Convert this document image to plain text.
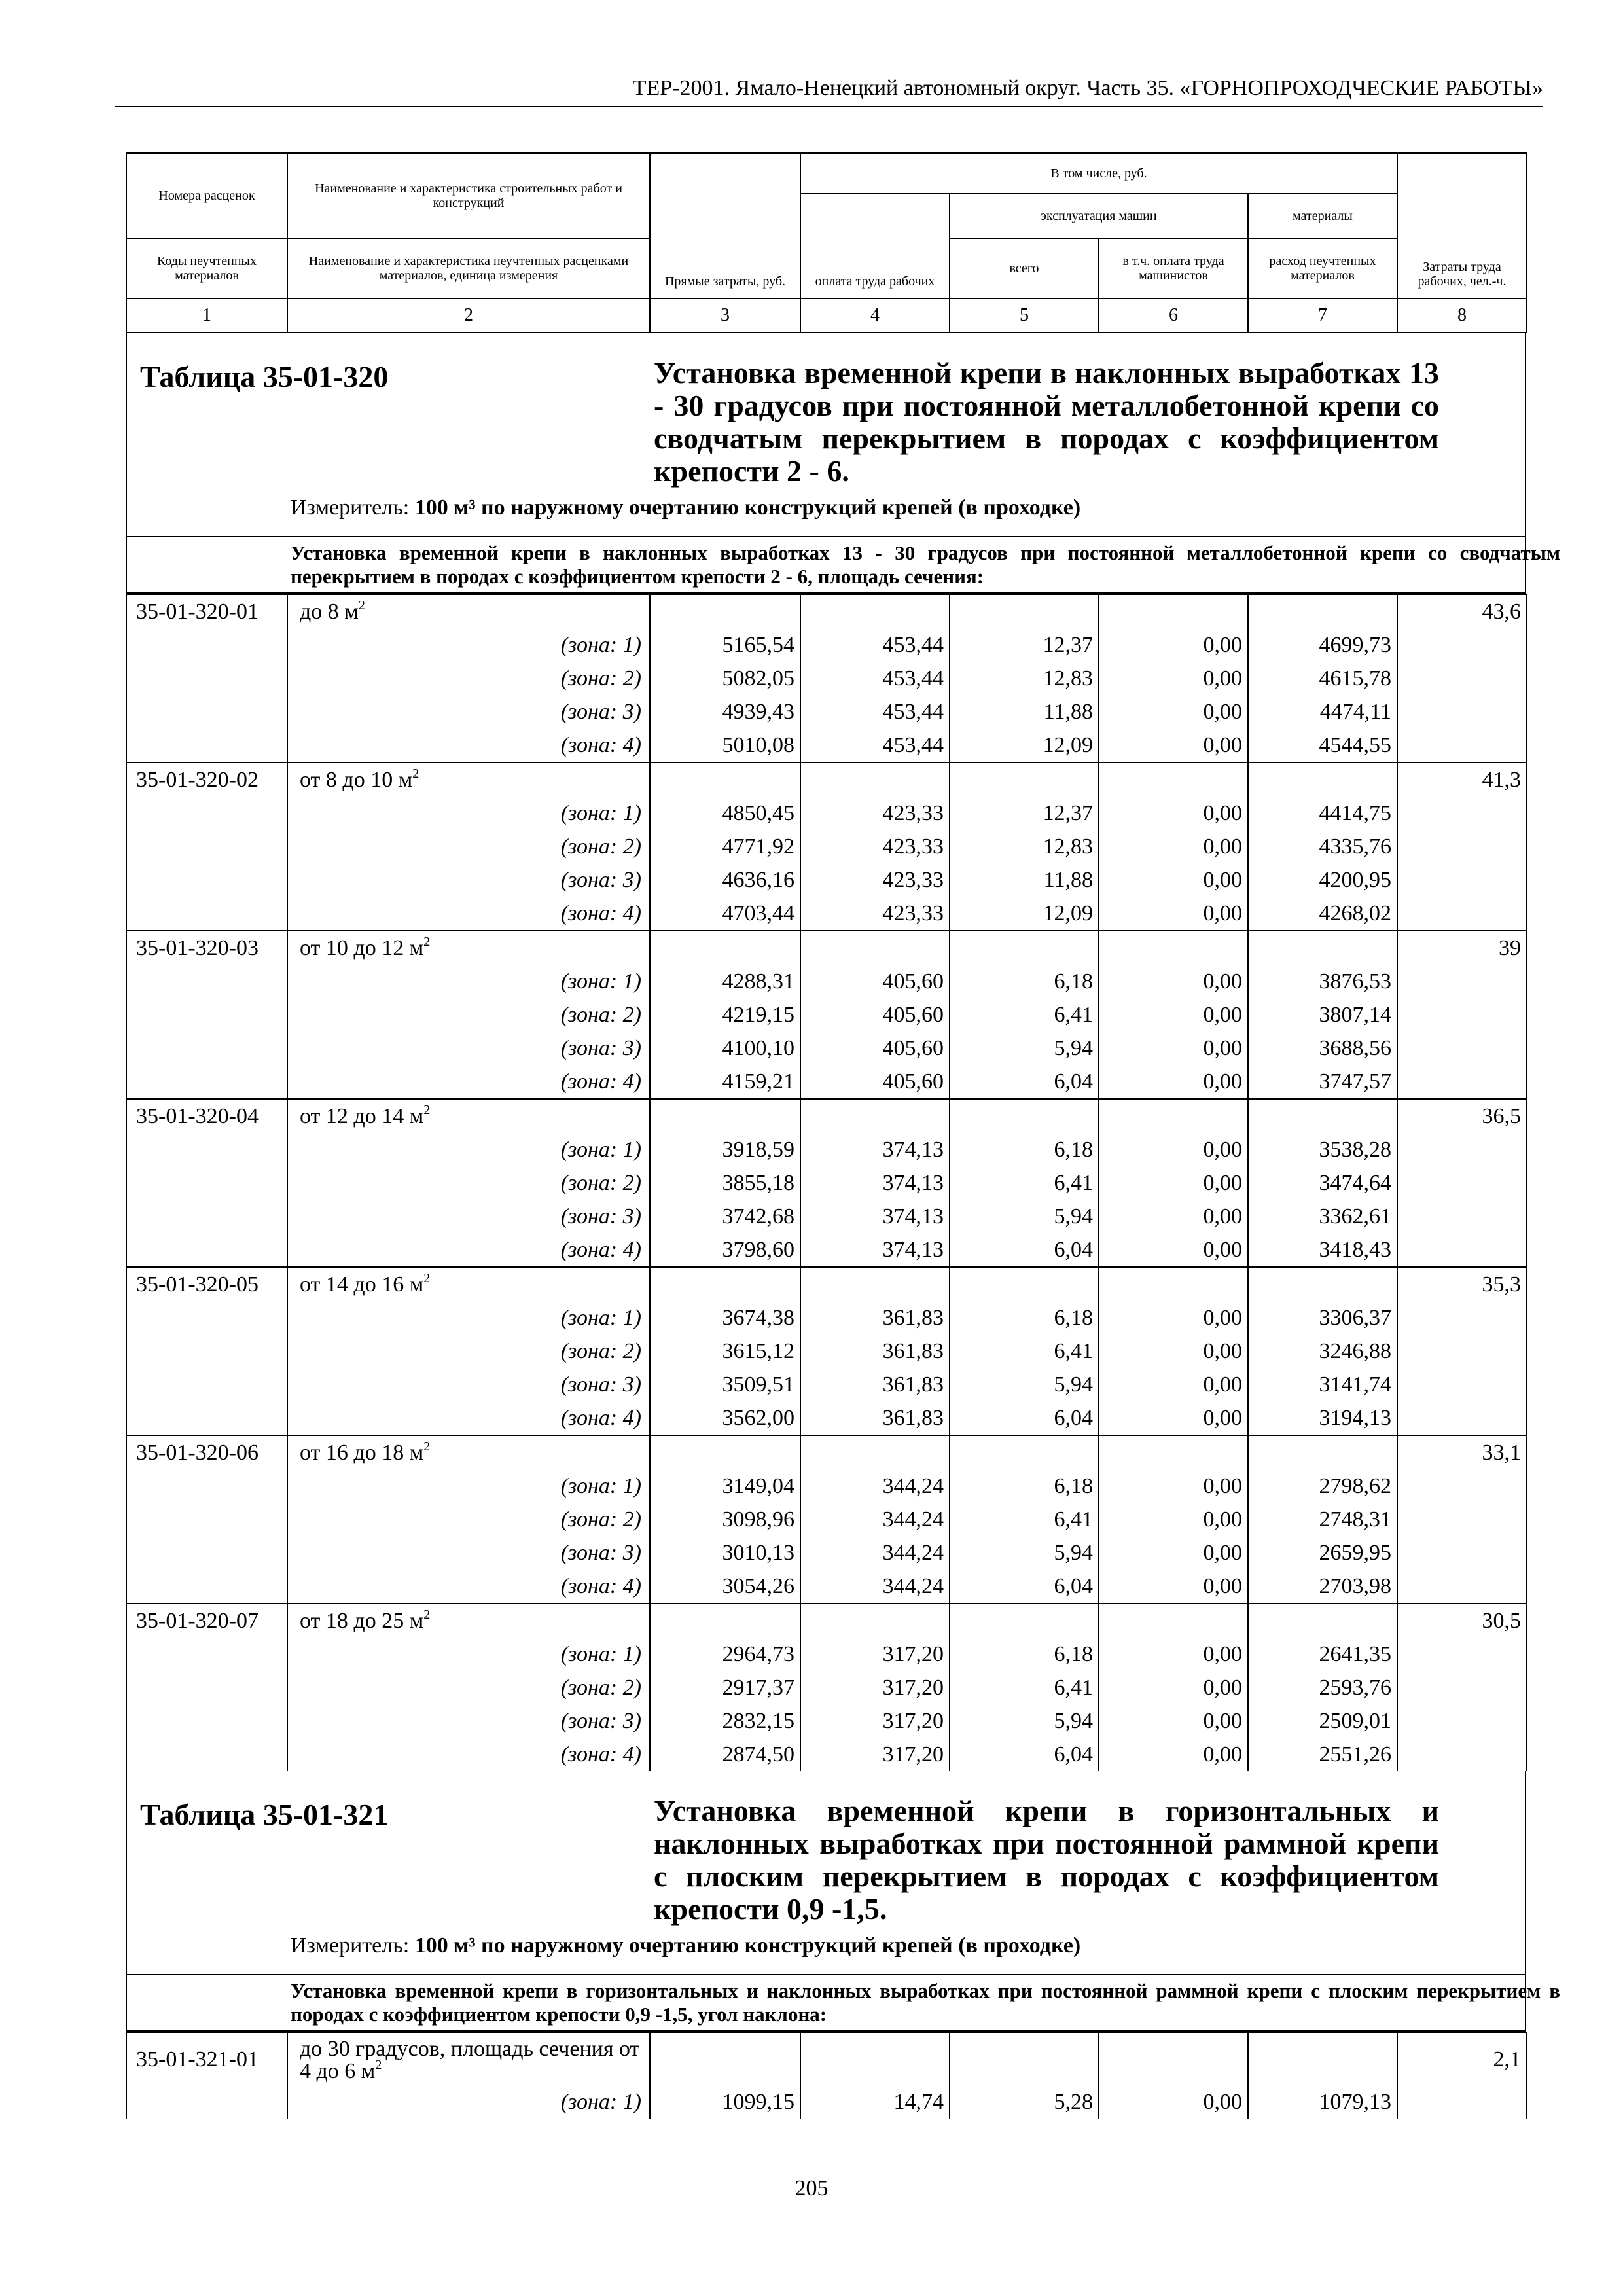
ТЕР-2001. Ямало-Ненецкий автономный округ. Часть 35. «ГОРНОПРОХОДЧЕСКИЕ РАБОТЫ»
Номера расценок	Наименование и характеристика строительных работ и конструкций	Прямые затраты, руб.	В том числе, руб.				Затраты труда рабочих, чел.-ч.
			оплата труда рабочих	эксплуатация машин		материалы	
Коды неучтенных материалов	Наименование и характеристика неучтенных расценками материалов, единица измерения			всего	в т.ч. оплата труда машинистов	расход неучтенных материалов	
1	2	3	4	5	6	7	8
Таблица 35-01-320	Установка временной крепи в наклонных выработках 13 - 30 градусов при постоянной металлобетонной крепи со сводчатым перекрытием в породах с коэффициентом крепости 2 - 6.
Измеритель: 100 м³ по наружному очертанию конструкций крепей (в проходке)
Установка временной крепи в наклонных выработках 13 - 30 градусов при постоянной металлобетонной крепи со сводчатым перекрытием в породах с коэффициентом крепости 2 - 6, площадь сечения:
35-01-320-01	до 8 $м^2$						43,6
	(зона: 1)	5165,54	453,44	12,37	0,00	4699,73	
	(зона: 2)	5082,05	453,44	12,83	0,00	4615,78	
	(зона: 3)	4939,43	453,44	11,88	0,00	4474,11	
	(зона: 4)	5010,08	453,44	12,09	0,00	4544,55	
35-01-320-02	от 8 до 10 $м^2$						41,3
	(зона: 1)	4850,45	423,33	12,37	0,00	4414,75	
	(зона: 2)	4771,92	423,33	12,83	0,00	4335,76	
	(зона: 3)	4636,16	423,33	11,88	0,00	4200,95	
	(зона: 4)	4703,44	423,33	12,09	0,00	4268,02	
35-01-320-03	от 10 до 12 $м^2$						39
	(зона: 1)	4288,31	405,60	6,18	0,00	3876,53	
	(зона: 2)	4219,15	405,60	6,41	0,00	3807,14	
	(зона: 3)	4100,10	405,60	5,94	0,00	3688,56	
	(зона: 4)	4159,21	405,60	6,04	0,00	3747,57	
35-01-320-04	от 12 до 14 $м^2$						36,5
	(зона: 1)	3918,59	374,13	6,18	0,00	3538,28	
	(зона: 2)	3855,18	374,13	6,41	0,00	3474,64	
	(зона: 3)	3742,68	374,13	5,94	0,00	3362,61	
	(зона: 4)	3798,60	374,13	6,04	0,00	3418,43	
35-01-320-05	от 14 до 16 $м^2$						35,3
	(зона: 1)	3674,38	361,83	6,18	0,00	3306,37	
	(зона: 2)	3615,12	361,83	6,41	0,00	3246,88	
	(зона: 3)	3509,51	361,83	5,94	0,00	3141,74	
	(зона: 4)	3562,00	361,83	6,04	0,00	3194,13	
35-01-320-06	от 16 до 18 $м^2$						33,1
	(зона: 1)	3149,04	344,24	6,18	0,00	2798,62	
	(зона: 2)	3098,96	344,24	6,41	0,00	2748,31	
	(зона: 3)	3010,13	344,24	5,94	0,00	2659,95	
	(зона: 4)	3054,26	344,24	6,04	0,00	2703,98	
35-01-320-07	от 18 до 25 $м^2$						30,5
	(зона: 1)	2964,73	317,20	6,18	0,00	2641,35	
	(зона: 2)	2917,37	317,20	6,41	0,00	2593,76	
	(зона: 3)	2832,15	317,20	5,94	0,00	2509,01	
	(зона: 4)	2874,50	317,20	6,04	0,00	2551,26	
Таблица 35-01-321	Установка временной крепи в горизонтальных и наклонных выработках при постоянной раммной крепи с плоским перекрытием в породах с коэффициентом крепости 0,9 -1,5.
Измеритель: 100 м³ по наружному очертанию конструкций крепей (в проходке)
Установка временной крепи в горизонтальных и наклонных выработках при постоянной раммной крепи с плоским перекрытием в породах с коэффициентом крепости 0,9 -1,5, угол наклона:
35-01-321-01	до 30 градусов, площадь сечения от 4 до 6 $м^2$						2,1
	(зона: 1)	1099,15	14,74	5,28	0,00	1079,13	
205
